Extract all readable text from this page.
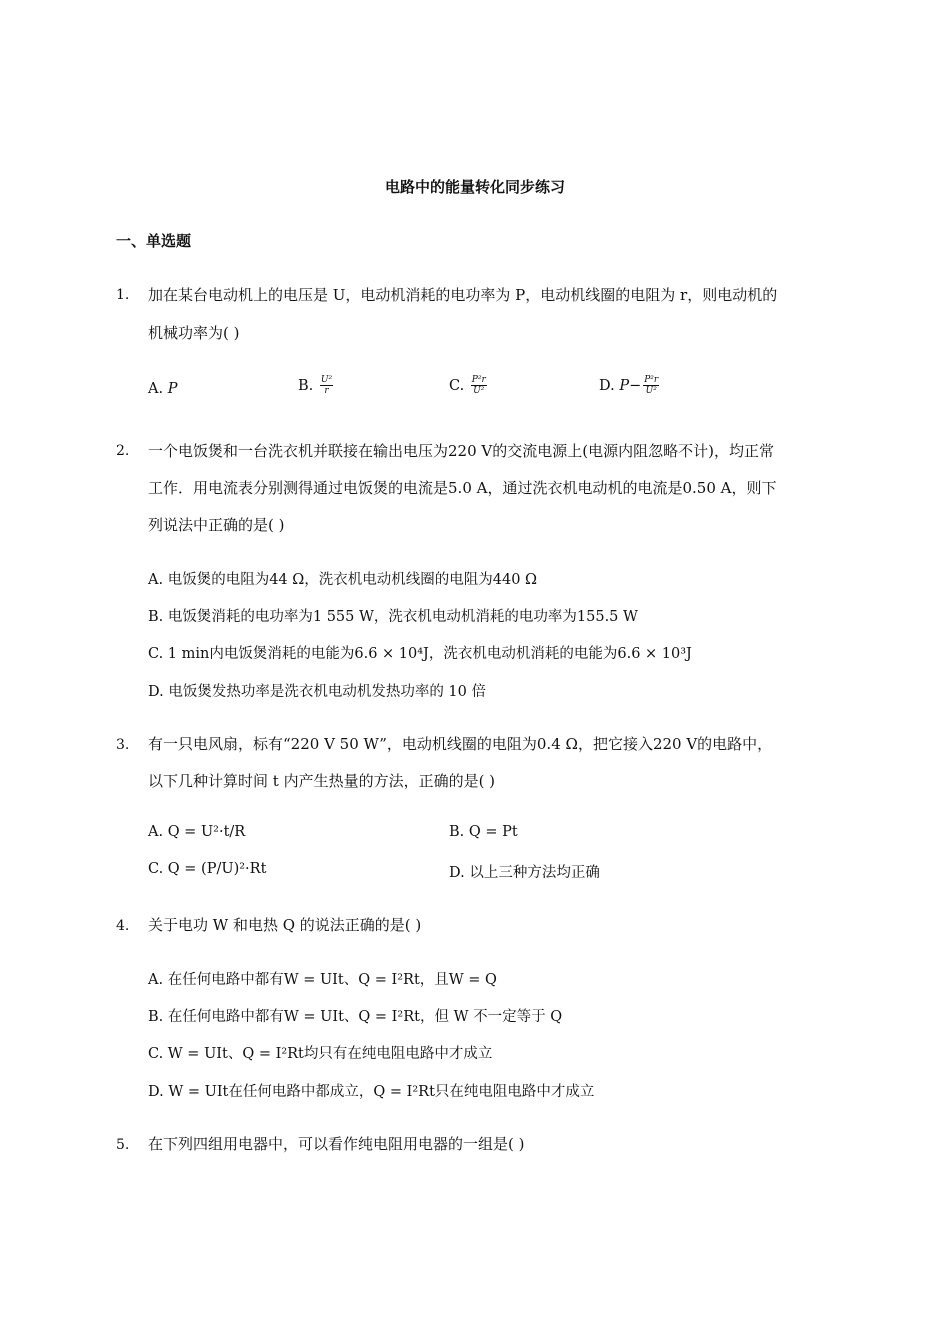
电路中的能量转化同步练习
一、单选题
1. 加在某台电动机上的电压是 U，电动机消耗的电功率为 P，电动机线圈的电阻为 r，则电动机的
机械功率为( )
A. P	B. $\frac{\text{U²}}{r}$	C. $\frac{\text{P²r}}{\text{U²}}$	D. $P- \frac{\text{P²r}}{\text{U²}}$
2. 一个电饭煲和一台洗衣机并联接在输出电压为220 V的交流电源上(电源内阻忽略不计)，均正常
工作．用电流表分别测得通过电饭煲的电流是5.0 A，通过洗衣机电动机的电流是0.50 A，则下
列说法中正确的是( )
A. 电饭煲的电阻为44 Ω，洗衣机电动机线圈的电阻为440 Ω
B. 电饭煲消耗的电功率为1 555 W，洗衣机电动机消耗的电功率为155.5 W
C. 1 min内电饭煲消耗的电能为6.6 × 10⁴J，洗衣机电动机消耗的电能为6.6 × 10³J
D. 电饭煲发热功率是洗衣机电动机发热功率的 10 倍
3. 有一只电风扇，标有“220 V 50 W”，电动机线圈的电阻为0.4 Ω，把它接入220 V的电路中，
以下几种计算时间 t 内产生热量的方法，正确的是( )
A. Q = U²·t/R	B. Q = Pt
C. Q = (P/U)²·Rt	D. 以上三种方法均正确
4. 关于电功 W 和电热 Q 的说法正确的是( )
A. 在任何电路中都有W = UIt、Q = I²Rt，且W = Q
B. 在任何电路中都有W = UIt、Q = I²Rt，但 W 不一定等于 Q
C. W = UIt、Q = I²Rt均只有在纯电阻电路中才成立
D. W = UIt在任何电路中都成立，Q = I²Rt只在纯电阻电路中才成立
5. 在下列四组用电器中，可以看作纯电阻用电器的一组是( )
